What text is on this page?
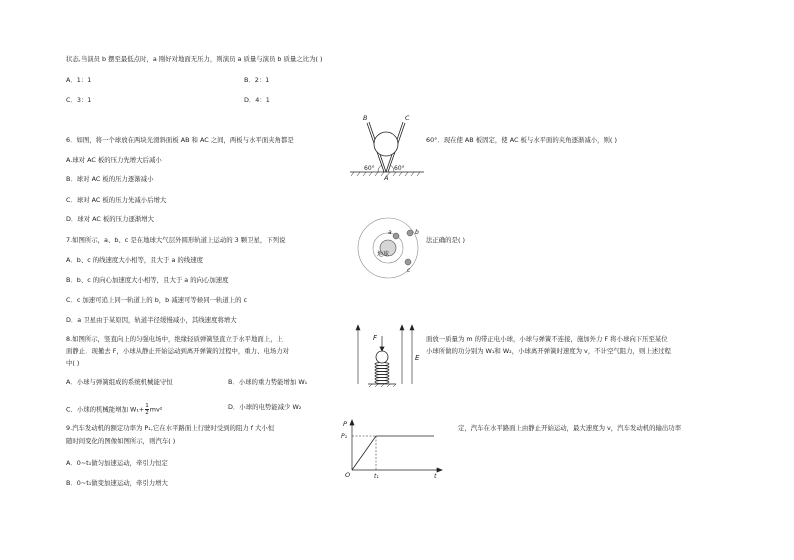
状态,当演员 b 摆至最低点时，a 刚好对地面无压力，则演员 a 质量与演员 b 质量之比为( )
A．1：1	B．2：1
C．3：1	D．4：1
6．如图，将一个球放在两块光滑斜面板 AB 和 AC 之间，两板与水平面夹角都是	60°．现在使 AB 板固定，使 AC 板与水平面的夹角逐渐减小，则( )
A.球对 AC 板的压力先增大后减小
B．球对 AC 板的压力逐渐减小
C．球对 AC 板的压力先减小后增大
D．球对 AC 板的压力逐渐增大
60°	60°
B	C
A
7.如图所示，a、b、c 是在地球大气层外圆形轨道上运动的 3 颗卫星，下列说	法正确的是( )
A．b、c 的线速度大小相等，且大于 a 的线速度
B．b、c 的向心加速度大小相等，且大于 a 的向心加速度
C．c 加速可追上同一轨道上的 b，b 减速可等候同一轨道上的 c
D．a 卫星由于某原因，轨道半径缓慢减小，其线速度将增大
地球
a	b
c
8.如图所示，竖直向上的匀强电场中，绝缘轻质弹簧竖直立于水平地面上，上
面静止．现撤去 F，小球从静止开始运动到离开弹簧的过程中，重力、电场力对
中( )
面放一质量为 m 的带正电小球，小球与弹簧不连接，施加外力 F 将小球向下压至某位
小球所做的功分别为 W₁和 W₂，小球离开弹簧时速度为 v，不计空气阻力，则上述过程
A．小球与弹簧组成的系统机械能守恒	B．小球的重力势能增加 W₁
C．小球的机械能增加 $W_1+ \frac{1}{2} mv^2$	D．小球的电势能减少 W₂
F
E
9.汽车发动机的额定功率为 P₁,它在水平路面上行驶时受到的阻力 f 大小恒
随时间变化的图像如图所示，则汽车( )
定，汽车在水平路面上由静止开始运动，最大速度为 v，汽车发动机的输出功率
A．0~t₁做匀加速运动，牵引力恒定
B．0~t₁做变加速运动，牵引力增大
P
P₁
O	t₁	t
